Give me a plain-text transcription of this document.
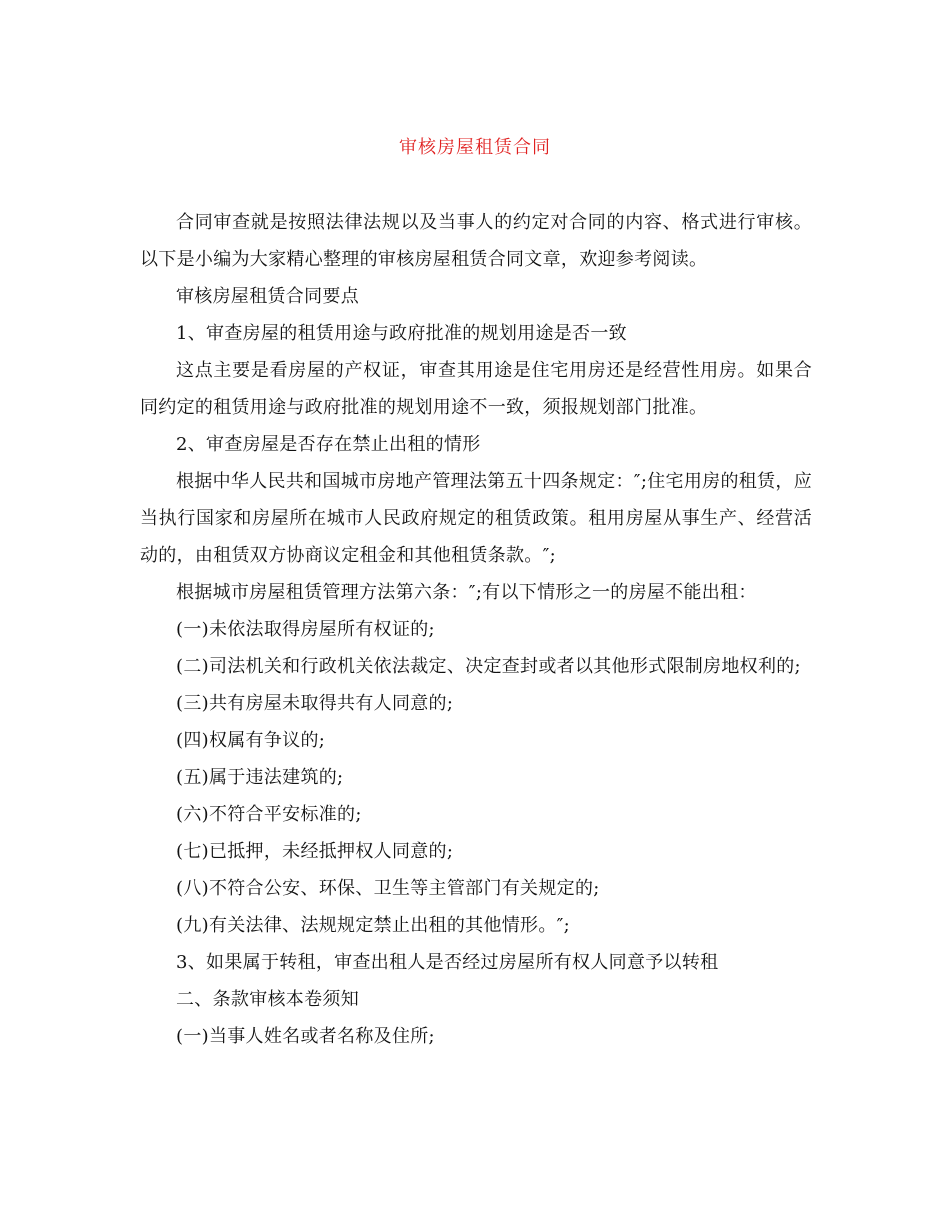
审核房屋租赁合同

合同审查就是按照法律法规以及当事人的约定对合同的内容、格式进行审核。以下是小编为大家精心整理的审核房屋租赁合同文章，欢迎参考阅读。

审核房屋租赁合同要点

1、审查房屋的租赁用途与政府批准的规划用途是否一致

这点主要是看房屋的产权证，审查其用途是住宅用房还是经营性用房。如果合同约定的租赁用途与政府批准的规划用途不一致，须报规划部门批准。

2、审查房屋是否存在禁止出租的情形

根据中华人民共和国城市房地产管理法第五十四条规定：″;住宅用房的租赁，应当执行国家和房屋所在城市人民政府规定的租赁政策。租用房屋从事生产、经营活动的，由租赁双方协商议定租金和其他租赁条款。″;

根据城市房屋租赁管理方法第六条：″;有以下情形之一的房屋不能出租：

(一)未依法取得房屋所有权证的;

(二)司法机关和行政机关依法裁定、决定查封或者以其他形式限制房地权利的;

(三)共有房屋未取得共有人同意的;

(四)权属有争议的;

(五)属于违法建筑的;

(六)不符合平安标准的;

(七)已抵押，未经抵押权人同意的;

(八)不符合公安、环保、卫生等主管部门有关规定的;

(九)有关法律、法规规定禁止出租的其他情形。″;

3、如果属于转租，审查出租人是否经过房屋所有权人同意予以转租

二、条款审核本卷须知

(一)当事人姓名或者名称及住所;
